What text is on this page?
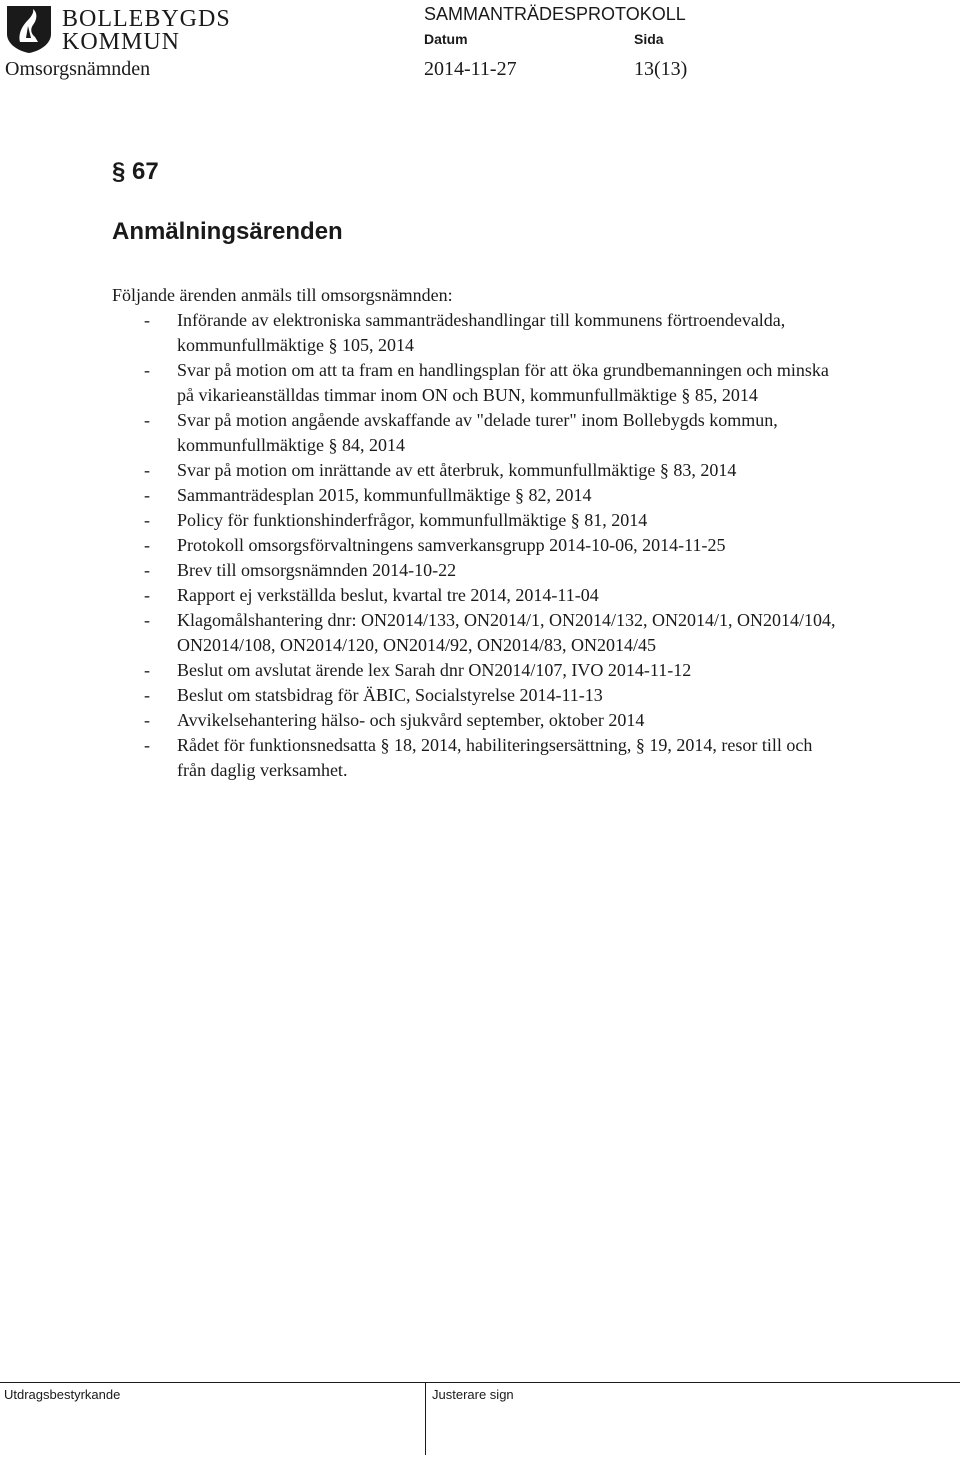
BOLLEBYGDS
KOMMUN
SAMMANTRÄDESPROTOKOLL
Datum	Sida
Omsorgsnämnden	2014-11-27	13(13)
§ 67
Anmälningsärenden
Följande ärenden anmäls till omsorgsnämnden:
-	Införande av elektroniska sammanträdeshandlingar till kommunens förtroendevalda, kommunfullmäktige § 105, 2014
-	Svar på motion om att ta fram en handlingsplan för att öka grundbemanningen och minska på vikarieanställdas timmar inom ON och BUN, kommunfullmäktige § 85, 2014
-	Svar på motion angående avskaffande av "delade turer" inom Bollebygds kommun, kommunfullmäktige § 84, 2014
-	Svar på motion om inrättande av ett återbruk, kommunfullmäktige § 83, 2014
-	Sammanträdesplan 2015, kommunfullmäktige § 82, 2014
-	Policy för funktionshinderfrågor, kommunfullmäktige § 81, 2014
-	Protokoll omsorgsförvaltningens samverkansgrupp 2014-10-06, 2014-11-25
-	Brev till omsorgsnämnden 2014-10-22
-	Rapport ej verkställda beslut, kvartal tre 2014, 2014-11-04
-	Klagomålshantering dnr: ON2014/133, ON2014/1, ON2014/132, ON2014/1, ON2014/104, ON2014/108, ON2014/120, ON2014/92, ON2014/83, ON2014/45
-	Beslut om avslutat ärende lex Sarah dnr ON2014/107, IVO 2014-11-12
-	Beslut om statsbidrag för ÄBIC, Socialstyrelse 2014-11-13
-	Avvikelsehantering hälso- och sjukvård september, oktober 2014
-	Rådet för funktionsnedsatta § 18, 2014, habiliteringsersättning, § 19, 2014, resor till och från daglig verksamhet.
Utdragsbestyrkande	Justerare sign
